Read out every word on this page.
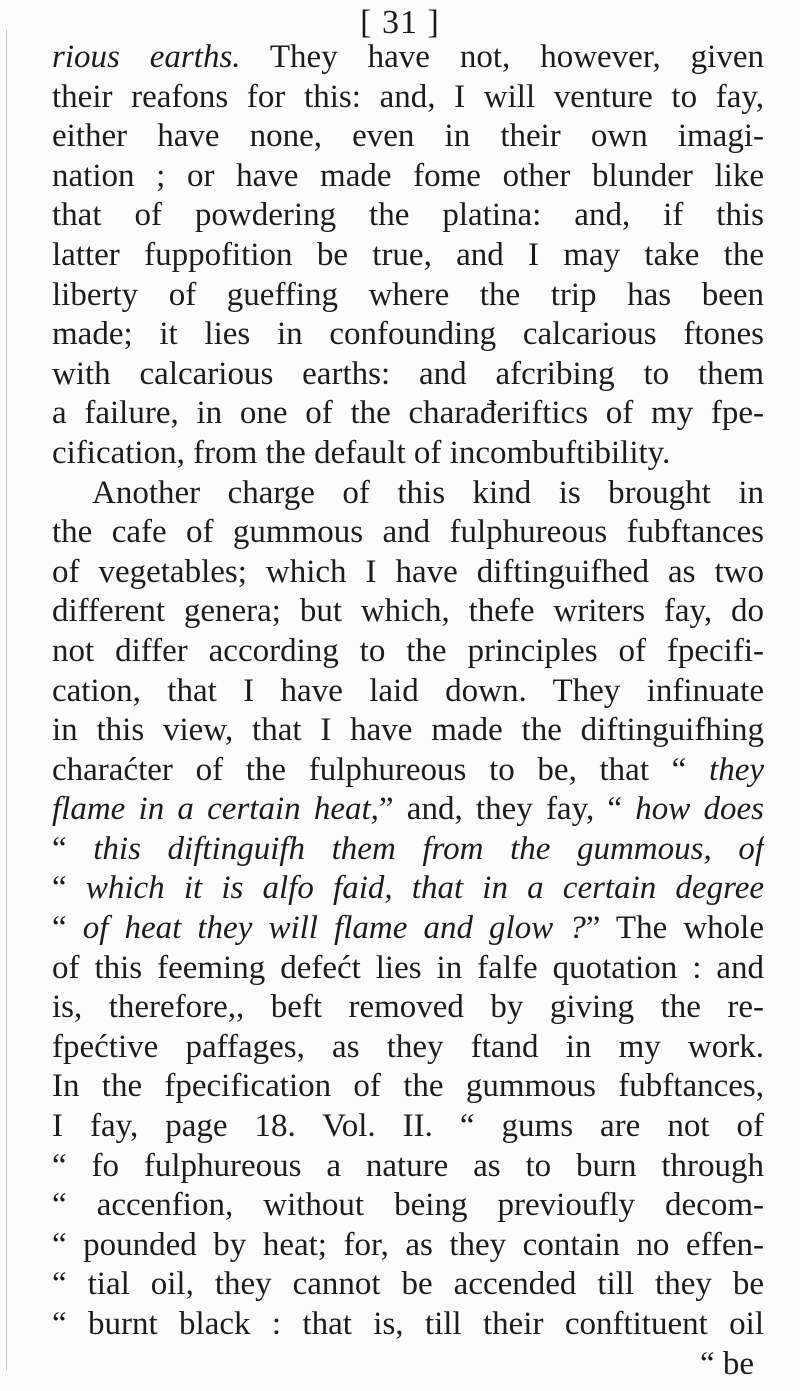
[ 31 ]
rious earths. They have not, however, given
their reafons for this: and, I will venture to fay,
either have none, even in their own imagi-
nation ; or have made fome other blunder like
that of powdering the platina: and, if this
latter fuppofition be true, and I may take the
liberty of gueffing where the trip has been
made; it lies in confounding calcarious ftones
with calcarious earths: and afcribing to them
a failure, in one of the charađeriftics of my fpe-
cification, from the default of incombuftibility.
Another charge of this kind is brought in
the cafe of gummous and fulphureous fubftances
of vegetables; which I have diftinguifhed as two
different genera; but which, thefe writers fay, do
not differ according to the principles of fpecifi-
cation, that I have laid down. They infinuate
in this view, that I have made the diftinguifhing
charaćter of the fulphureous to be, that “ they
flame in a certain heat,” and, they fay, “ how does
“ this diftinguifh them from the gummous, of
“ which it is alfo faid, that in a certain degree
“ of heat they will flame and glow ?” The whole
of this feeming defećt lies in falfe quotation : and
is, therefore,, beft removed by giving the re-
fpećtive paffages, as they ftand in my work.
In the fpecification of the gummous fubftances,
I fay, page 18. Vol. II. “ gums are not of
“ fo fulphureous a nature as to burn through
“ accenfion, without being previoufly decom-
“ pounded by heat; for, as they contain no effen-
“ tial oil, they cannot be accended till they be
“ burnt black : that is, till their conftituent oil
“ be
